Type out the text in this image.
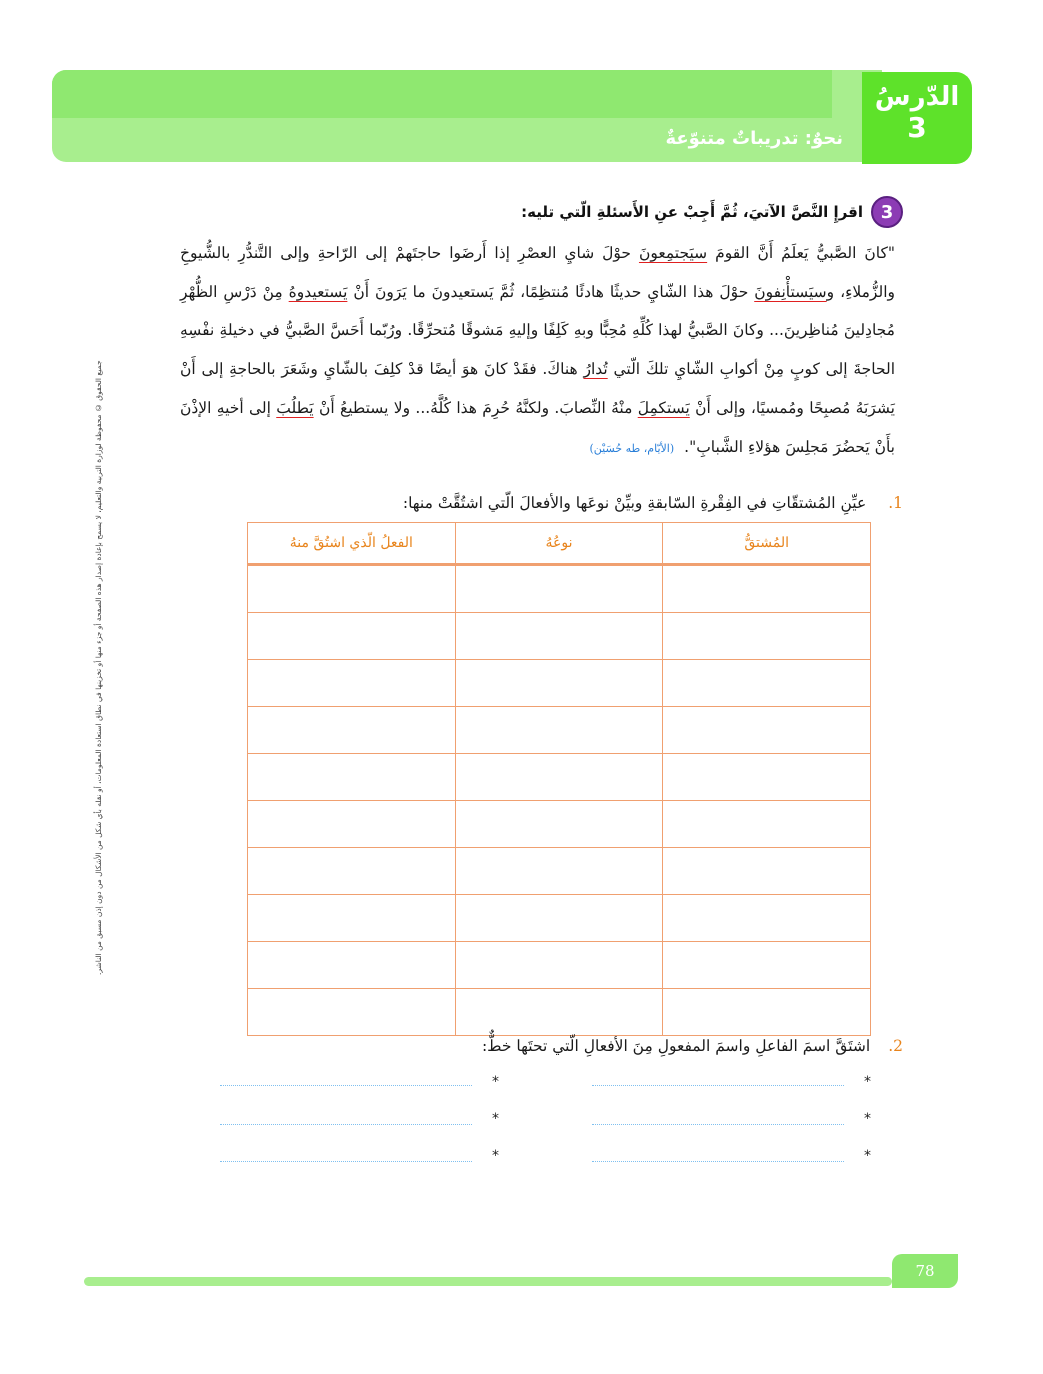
الدّرسُ
3
نحوٌ: تدريباتٌ متنوّعةٌ
جميع الحقوق © محفوظة لوزارة التربية والتعليم، لا يسمح بإعادة إصدار هذه الصفحة أو جزء منها أو تخزينها في نطاق استعادة المعلومات، أو نقله بأي شكل من الأشكال من دون إذن مسبق من الناشر.
3
اقرإِ النَّصَّ الآتيَ، ثُمَّ أَجِبْ عنِ الأَسئلةِ الّتي تليه:
"كانَ الصَّبيُّ يَعلَمُ أَنَّ القومَ سيَجتمِعونَ حوْلَ شايِ العصْرِ إذا أَرضَوا حاجتَهمْ إلى الرّاحةِ وإلى التَّندُّرِ بالشُّيوخِ والزُّملاءِ، وسيَستأْنِفونَ حوْلَ هذا الشّايِ حديثًا هادئًا مُنتظِمًا، ثُمَّ يَستعيدونَ ما يَرَونَ أَنْ يَستعيدوهُ مِنْ دَرْسِ الظُّهْرِ مُجادِلينَ مُناظِرينَ... وكانَ الصَّبيُّ لهذا كُلِّهِ مُحِبًّا وبهِ كَلِفًا وإليهِ مَشوقًا مُتحرِّقًا. ورُبّما أَحَسَّ الصَّبيُّ في دخيلةِ نفْسِهِ الحاجةَ إلى كوبٍ مِنْ أكوابِ الشّايِ تلكَ الّتي تُدارُ هناكَ. فقَدْ كانَ هوَ أيضًا قدْ كلِفَ بالشّايِ وشَعَرَ بالحاجةِ إلى أَنْ يَشرَبَهُ مُصبِحًا ومُمسيًا، وإلى أَنْ يَستكمِلَ منْهُ النِّصابَ. ولكنَّهُ حُرِمَ هذا كُلَّهُ... ولا يستطيعُ أَنْ يَطلُبَ إلى أخيهِ الإذْنَ بأَنْ يَحضُرَ مَجلِسَ هؤلاءِ الشَّبابِ".(الأيّام، طه حُسَيْن)
1.
عيِّنِ المُشتقّاتِ في الفِقْرةِ السّابقةِ وبيِّنْ نوعَها والأفعالَ الّتي اشتُقَّتْ منها:
المُشتقُّ	نوعُهُ	الفعلُ الّذي اشتُقَّ منهُ

2.
اشتَقَّ اسمَ الفاعلِ واسمَ المفعولِ مِنَ الأفعالِ الّتي تحتَها خطٌّ:
*
*
*
*
*
*
78
